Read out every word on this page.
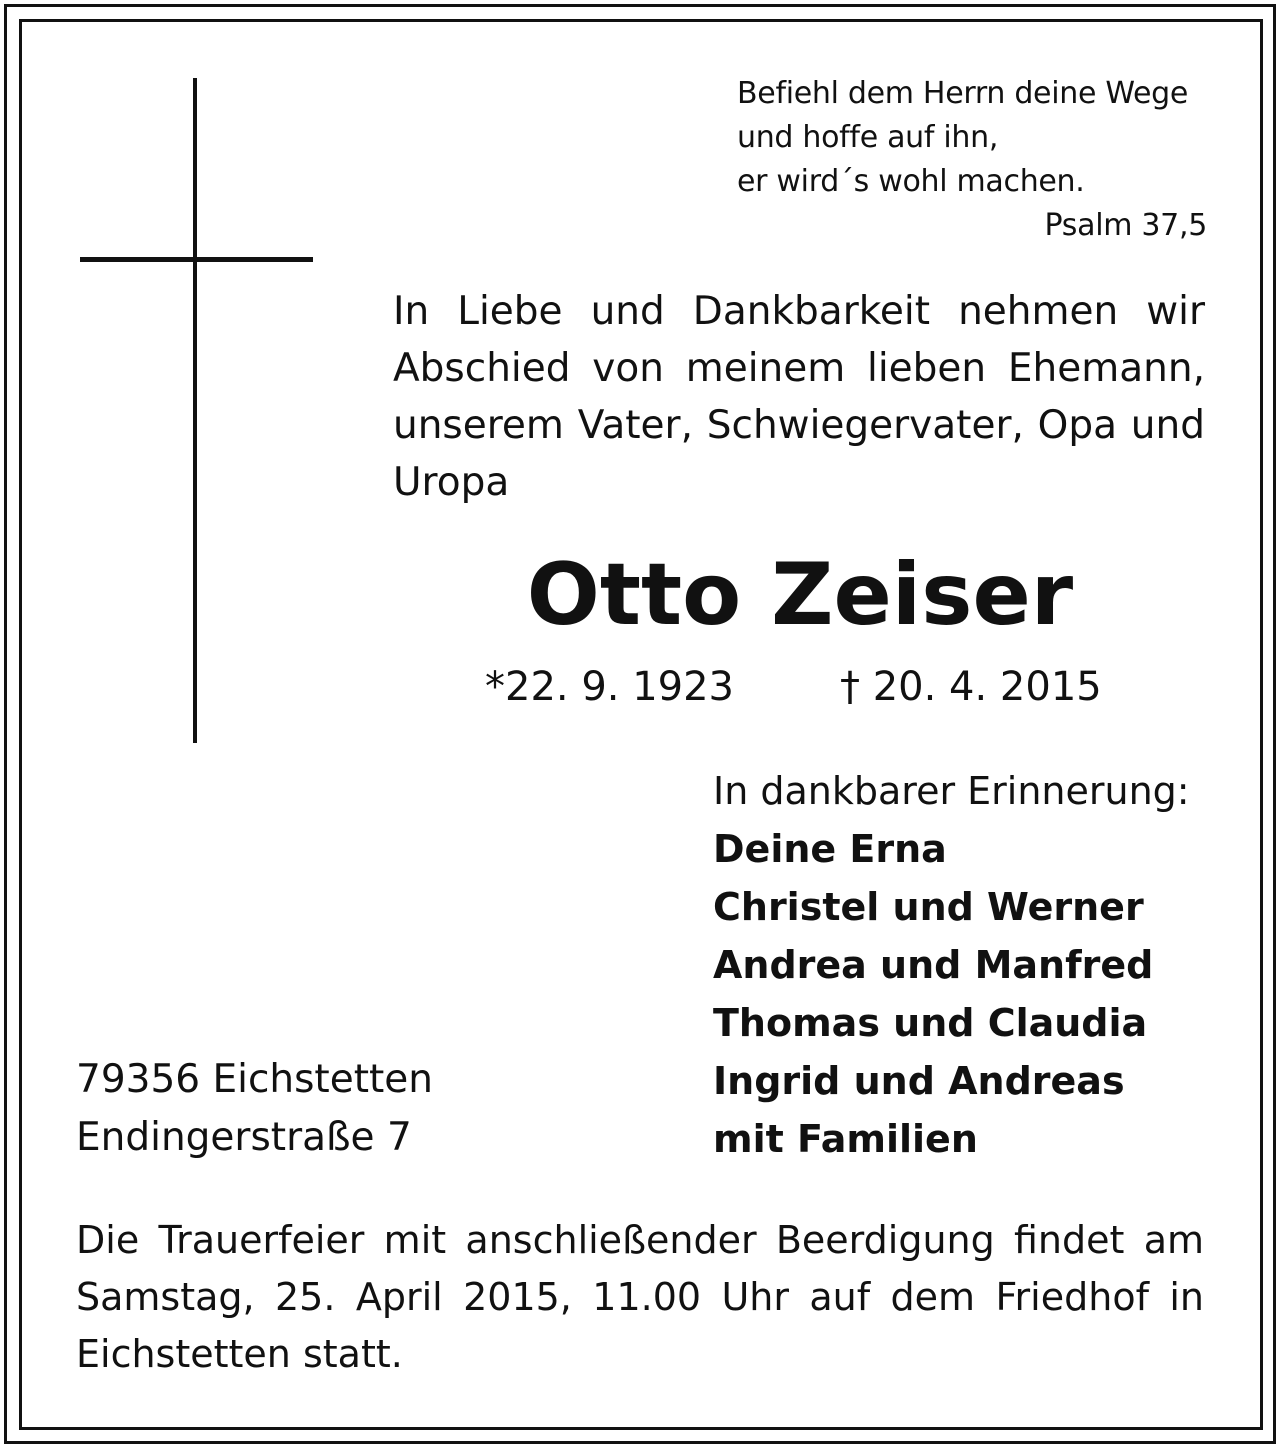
Befiehl dem Herrn deine Wege
und hoffe auf ihn,
er wird´s wohl machen.
Psalm 37,5
In Liebe und Dankbarkeit nehmen wir Abschied von meinem lieben Ehemann, unserem Vater, Schwiegervater, Opa und Uropa
Otto Zeiser
*22. 9. 1923	† 20. 4. 2015
In dankbarer Erinnerung:
Deine Erna
Christel und Werner
Andrea und Manfred
Thomas und Claudia
Ingrid und Andreas
mit Familien
79356 Eichstetten
Endingerstraße 7
Die Trauerfeier mit anschließender Beerdigung findet am Samstag, 25. April 2015, 11.00 Uhr auf dem Friedhof in Eichstetten statt.
